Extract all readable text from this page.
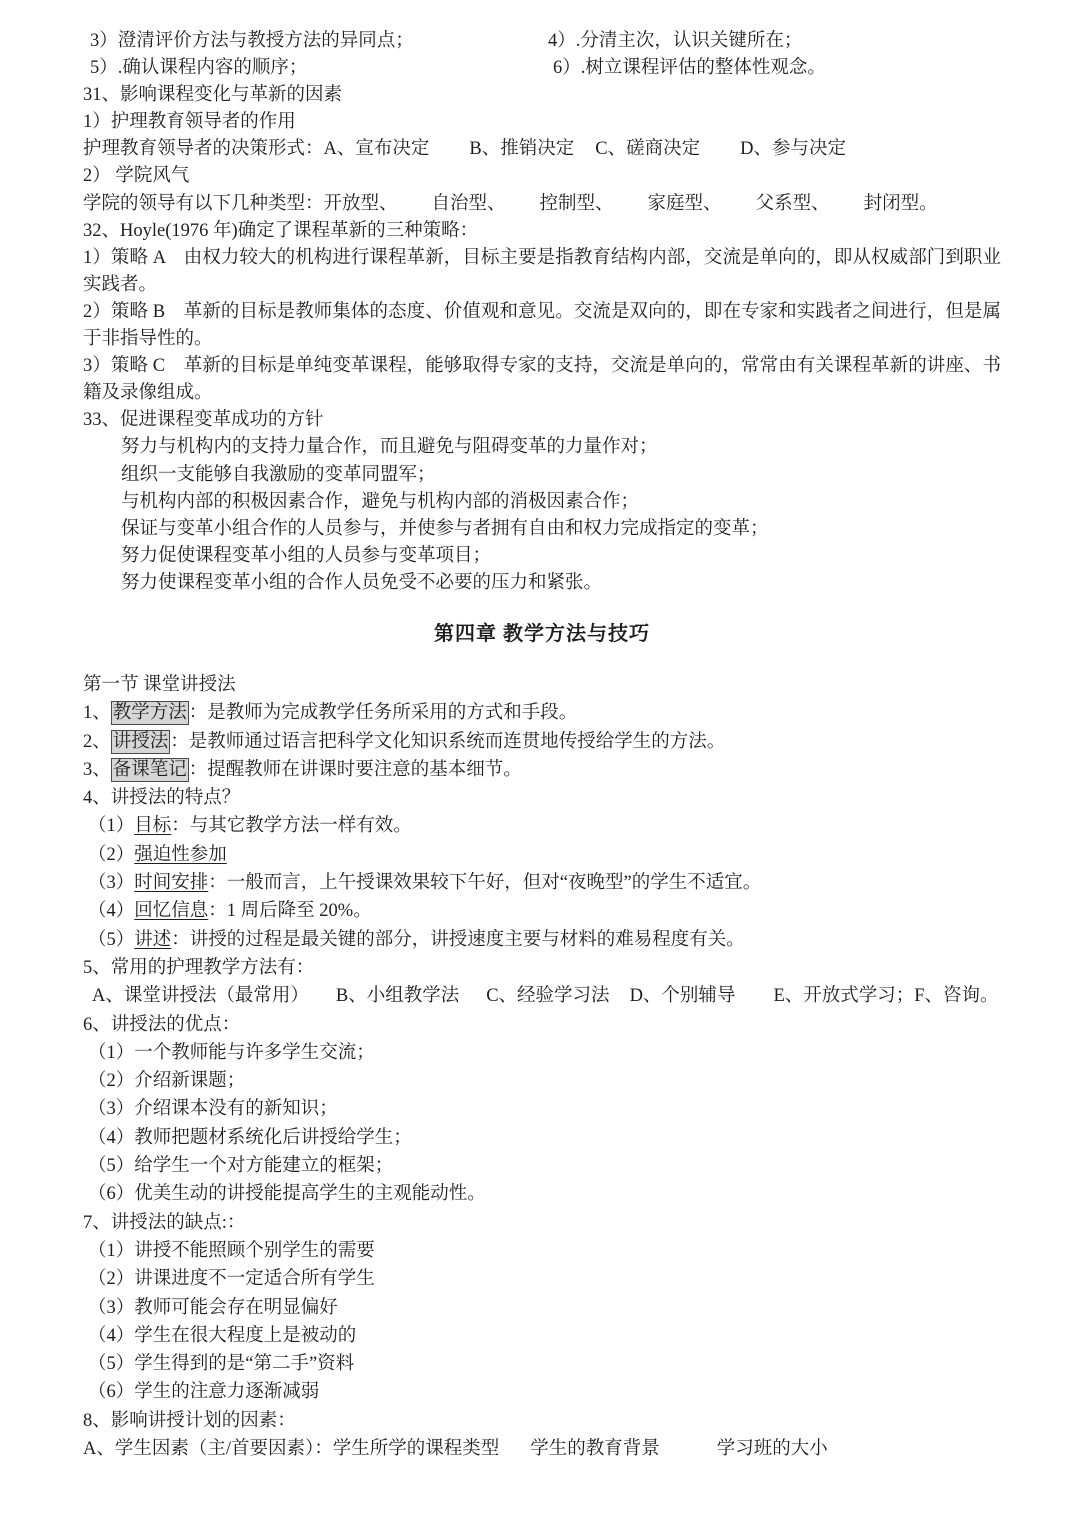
3）澄清评价方法与教授方法的异同点；	4）.分清主次，认识关键所在；
5）.确认课程内容的顺序；	6）.树立课程评估的整体性观念。
31、影响课程变化与革新的因素
1）护理教育领导者的作用
护理教育领导者的决策形式：A、宣布决定 B、推销决定 C、磋商决定 D、参与决定
2） 学院风气
学院的领导有以下几种类型：开放型、 自治型、 控制型、 家庭型、 父系型、 封闭型。
32、Hoyle(1976 年)确定了课程革新的三种策略：
1）策略 A　由权力较大的机构进行课程革新，目标主要是指教育结构内部，交流是单向的，即从权威部门到职业实践者。
2）策略 B　革新的目标是教师集体的态度、价值观和意见。交流是双向的，即在专家和实践者之间进行，但是属于非指导性的。
3）策略 C　革新的目标是单纯变革课程，能够取得专家的支持，交流是单向的，常常由有关课程革新的讲座、书籍及录像组成。
33、促进课程变革成功的方针
努力与机构内的支持力量合作，而且避免与阻碍变革的力量作对；
组织一支能够自我激励的变革同盟军；
与机构内部的积极因素合作，避免与机构内部的消极因素合作；
保证与变革小组合作的人员参与，并使参与者拥有自由和权力完成指定的变革；
努力促使课程变革小组的人员参与变革项目；
努力使课程变革小组的合作人员免受不必要的压力和紧张。
第四章 教学方法与技巧
第一节 课堂讲授法
1、 教学方法 ：是教师为完成教学任务所采用的方式和手段。
2、 讲授法 ：是教师通过语言把科学文化知识系统而连贯地传授给学生的方法。
3、 备课笔记 ：提醒教师在讲课时要注意的基本细节。
4、讲授法的特点？
（1）目标：与其它教学方法一样有效。
（2）强迫性参加
（3）时间安排：一般而言，上午授课效果较下午好，但对“夜晚型”的学生不适宜。
（4）回忆信息：1 周后降至 20%。
（5）讲述：讲授的过程是最关键的部分，讲授速度主要与材料的难易程度有关。
5、常用的护理教学方法有：
A、课堂讲授法（最常用） B、小组教学法 C、经验学习法 D、个别辅导 E、开放式学习；F、咨询。
6、讲授法的优点：
（1）一个教师能与许多学生交流；
（2）介绍新课题；
（3）介绍课本没有的新知识；
（4）教师把题材系统化后讲授给学生；
（5）给学生一个对方能建立的框架；
（6）优美生动的讲授能提高学生的主观能动性。
7、讲授法的缺点:：
（1）讲授不能照顾个别学生的需要
（2）讲课进度不一定适合所有学生
（3）教师可能会存在明显偏好
（4）学生在很大程度上是被动的
（5）学生得到的是“第二手”资料
（6）学生的注意力逐渐减弱
8、影响讲授计划的因素：
A、学生因素（主/首要因素）：学生所学的课程类型 学生的教育背景	学习班的大小
